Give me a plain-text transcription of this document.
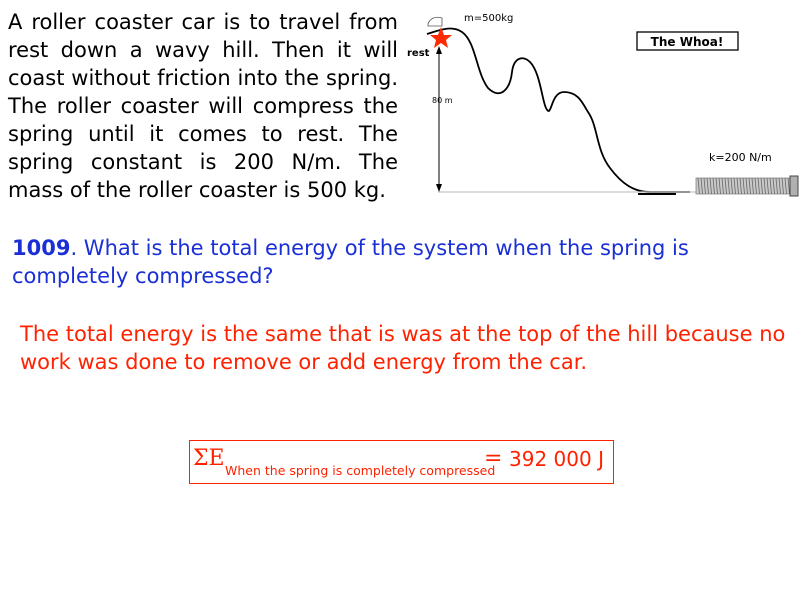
A roller coaster car is to travel from rest down a wavy hill. Then it will coast without friction into the spring. The roller coaster will compress the spring until it comes to rest. The spring constant is 200 N/m. The mass of the roller coaster is 500 kg.
m=500kg
rest
80 m
k=200 N/m
The Whoa!
1009. What is the total energy of the system when the spring is completely compressed?
The total energy is the same that is was at the top of the hill because no work was done to remove or add energy from the car.
ΣE When the spring is completely compressed
= 392 000 J
